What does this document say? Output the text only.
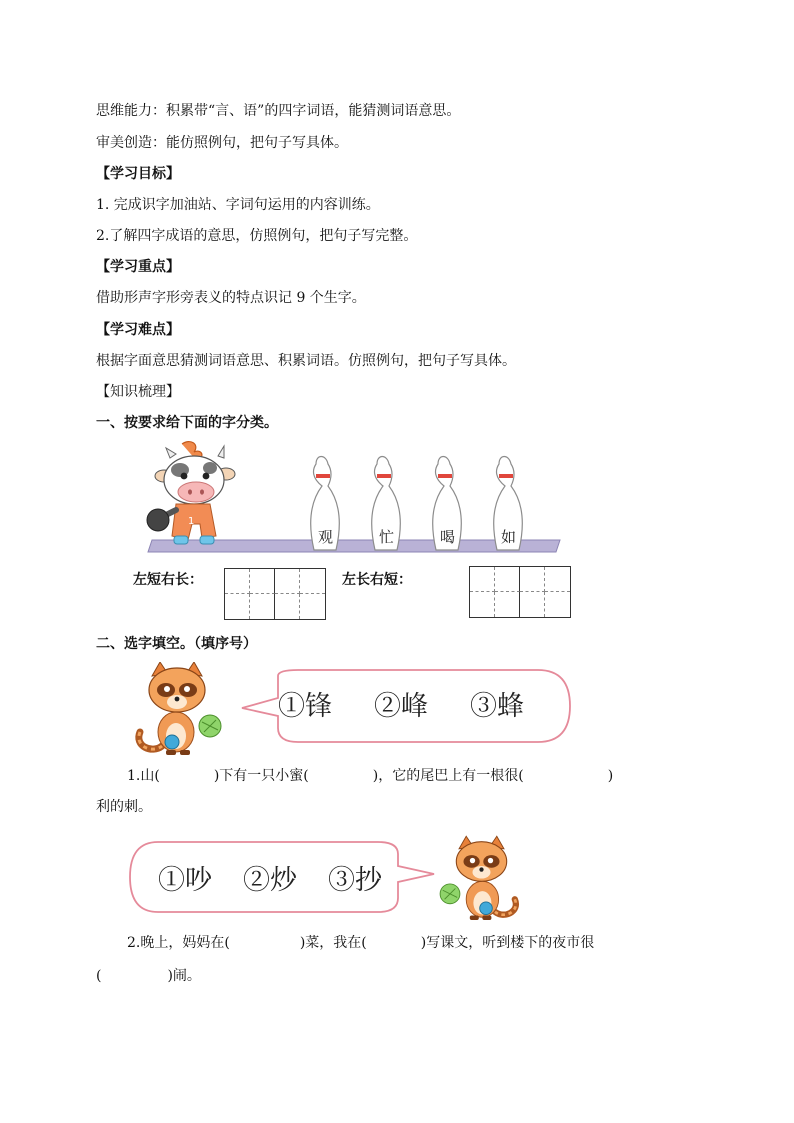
思维能力：积累带“言、语”的四字词语，能猜测词语意思。
审美创造：能仿照例句，把句子写具体。
【学习目标】
1. 完成识字加油站、字词句运用的内容训练。
2.了解四字成语的意思，仿照例句，把句子写完整。
【学习重点】
借助形声字形旁表义的特点识记 9 个生字。
【学习难点】
根据字面意思猜测词语意思、积累词语。仿照例句，把句子写具体。
【知识梳理】
一、按要求给下面的字分类。
1
观	忙	喝	如
左短右长：	左长右短：
二、选字填空。（填序号）
①锋 ②峰 ③蜂
1.山(	)下有一只小蜜(	)，它的尾巴上有一根很(	)
利的刺。
①吵 ②炒 ③抄
2.晚上，妈妈在(	)菜，我在(	)写课文，听到楼下的夜市很
(	)闹。
